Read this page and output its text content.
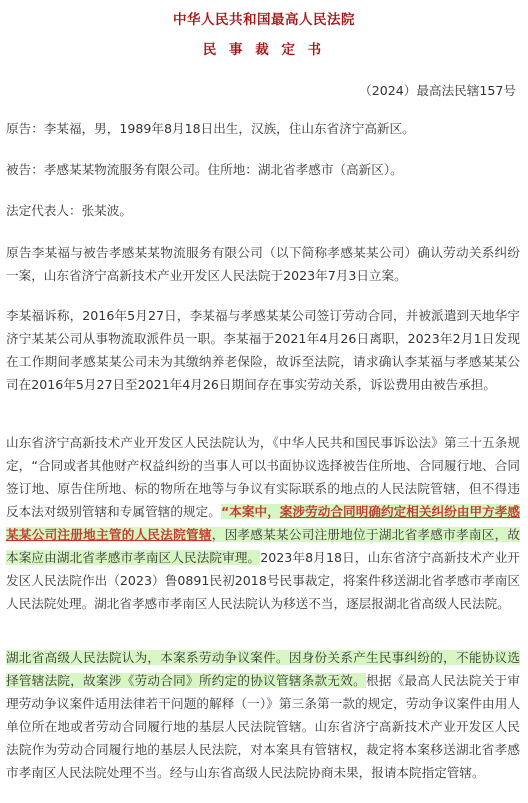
中华人民共和国最高人民法院
民 事 裁 定 书
（2024）最高法民辖157号

原告：李某福，男，1989年8月18日出生，汉族，住山东省济宁高新区。

被告：孝感某某物流服务有限公司。住所地：湖北省孝感市（高新区）。

法定代表人：张某波。

原告李某福与被告孝感某某物流服务有限公司（以下简称孝感某某公司）确认劳动关系纠纷一案，山东省济宁高新技术产业开发区人民法院于2023年7月3日立案。

李某福诉称，2016年5月27日，李某福与孝感某某公司签订劳动合同，并被派遣到天地华宇济宁某某公司从事物流取派件员一职。李某福于2021年4月26日离职，2023年2月1日发现在工作期间孝感某某公司未为其缴纳养老保险，故诉至法院，请求确认李某福与孝感某某公司在2016年5月27日至2021年4月26日期间存在事实劳动关系，诉讼费用由被告承担。

山东省济宁高新技术产业开发区人民法院认为，《中华人民共和国民事诉讼法》第三十五条规定，“合同或者其他财产权益纠纷的当事人可以书面协议选择被告住所地、合同履行地、合同签订地、原告住所地、标的物所在地等与争议有实际联系的地点的人民法院管辖，但不得违反本法对级别管辖和专属管辖的规定。“本案中，案涉劳动合同明确约定相关纠纷由甲方孝感某某公司注册地主管的人民法院管辖，因孝感某某公司注册地位于湖北省孝感市孝南区，故本案应由湖北省孝感市孝南区人民法院审理。2023年8月18日，山东省济宁高新技术产业开发区人民法院作出（2023）鲁0891民初2018号民事裁定，将案件移送湖北省孝感市孝南区人民法院处理。湖北省孝感市孝南区人民法院认为移送不当，逐层报湖北省高级人民法院。

湖北省高级人民法院认为，本案系劳动争议案件。因身份关系产生民事纠纷的，不能协议选择管辖法院，故案涉《劳动合同》所约定的协议管辖条款无效。根据《最高人民法院关于审理劳动争议案件适用法律若干问题的解释（一）》第三条第一款的规定，劳动争议案件由用人单位所在地或者劳动合同履行地的基层人民法院管辖。山东省济宁高新技术产业开发区人民法院作为劳动合同履行地的基层人民法院，对本案具有管辖权，裁定将本案移送湖北省孝感市孝南区人民法院处理不当。经与山东省高级人民法院协商未果，报请本院指定管辖。
